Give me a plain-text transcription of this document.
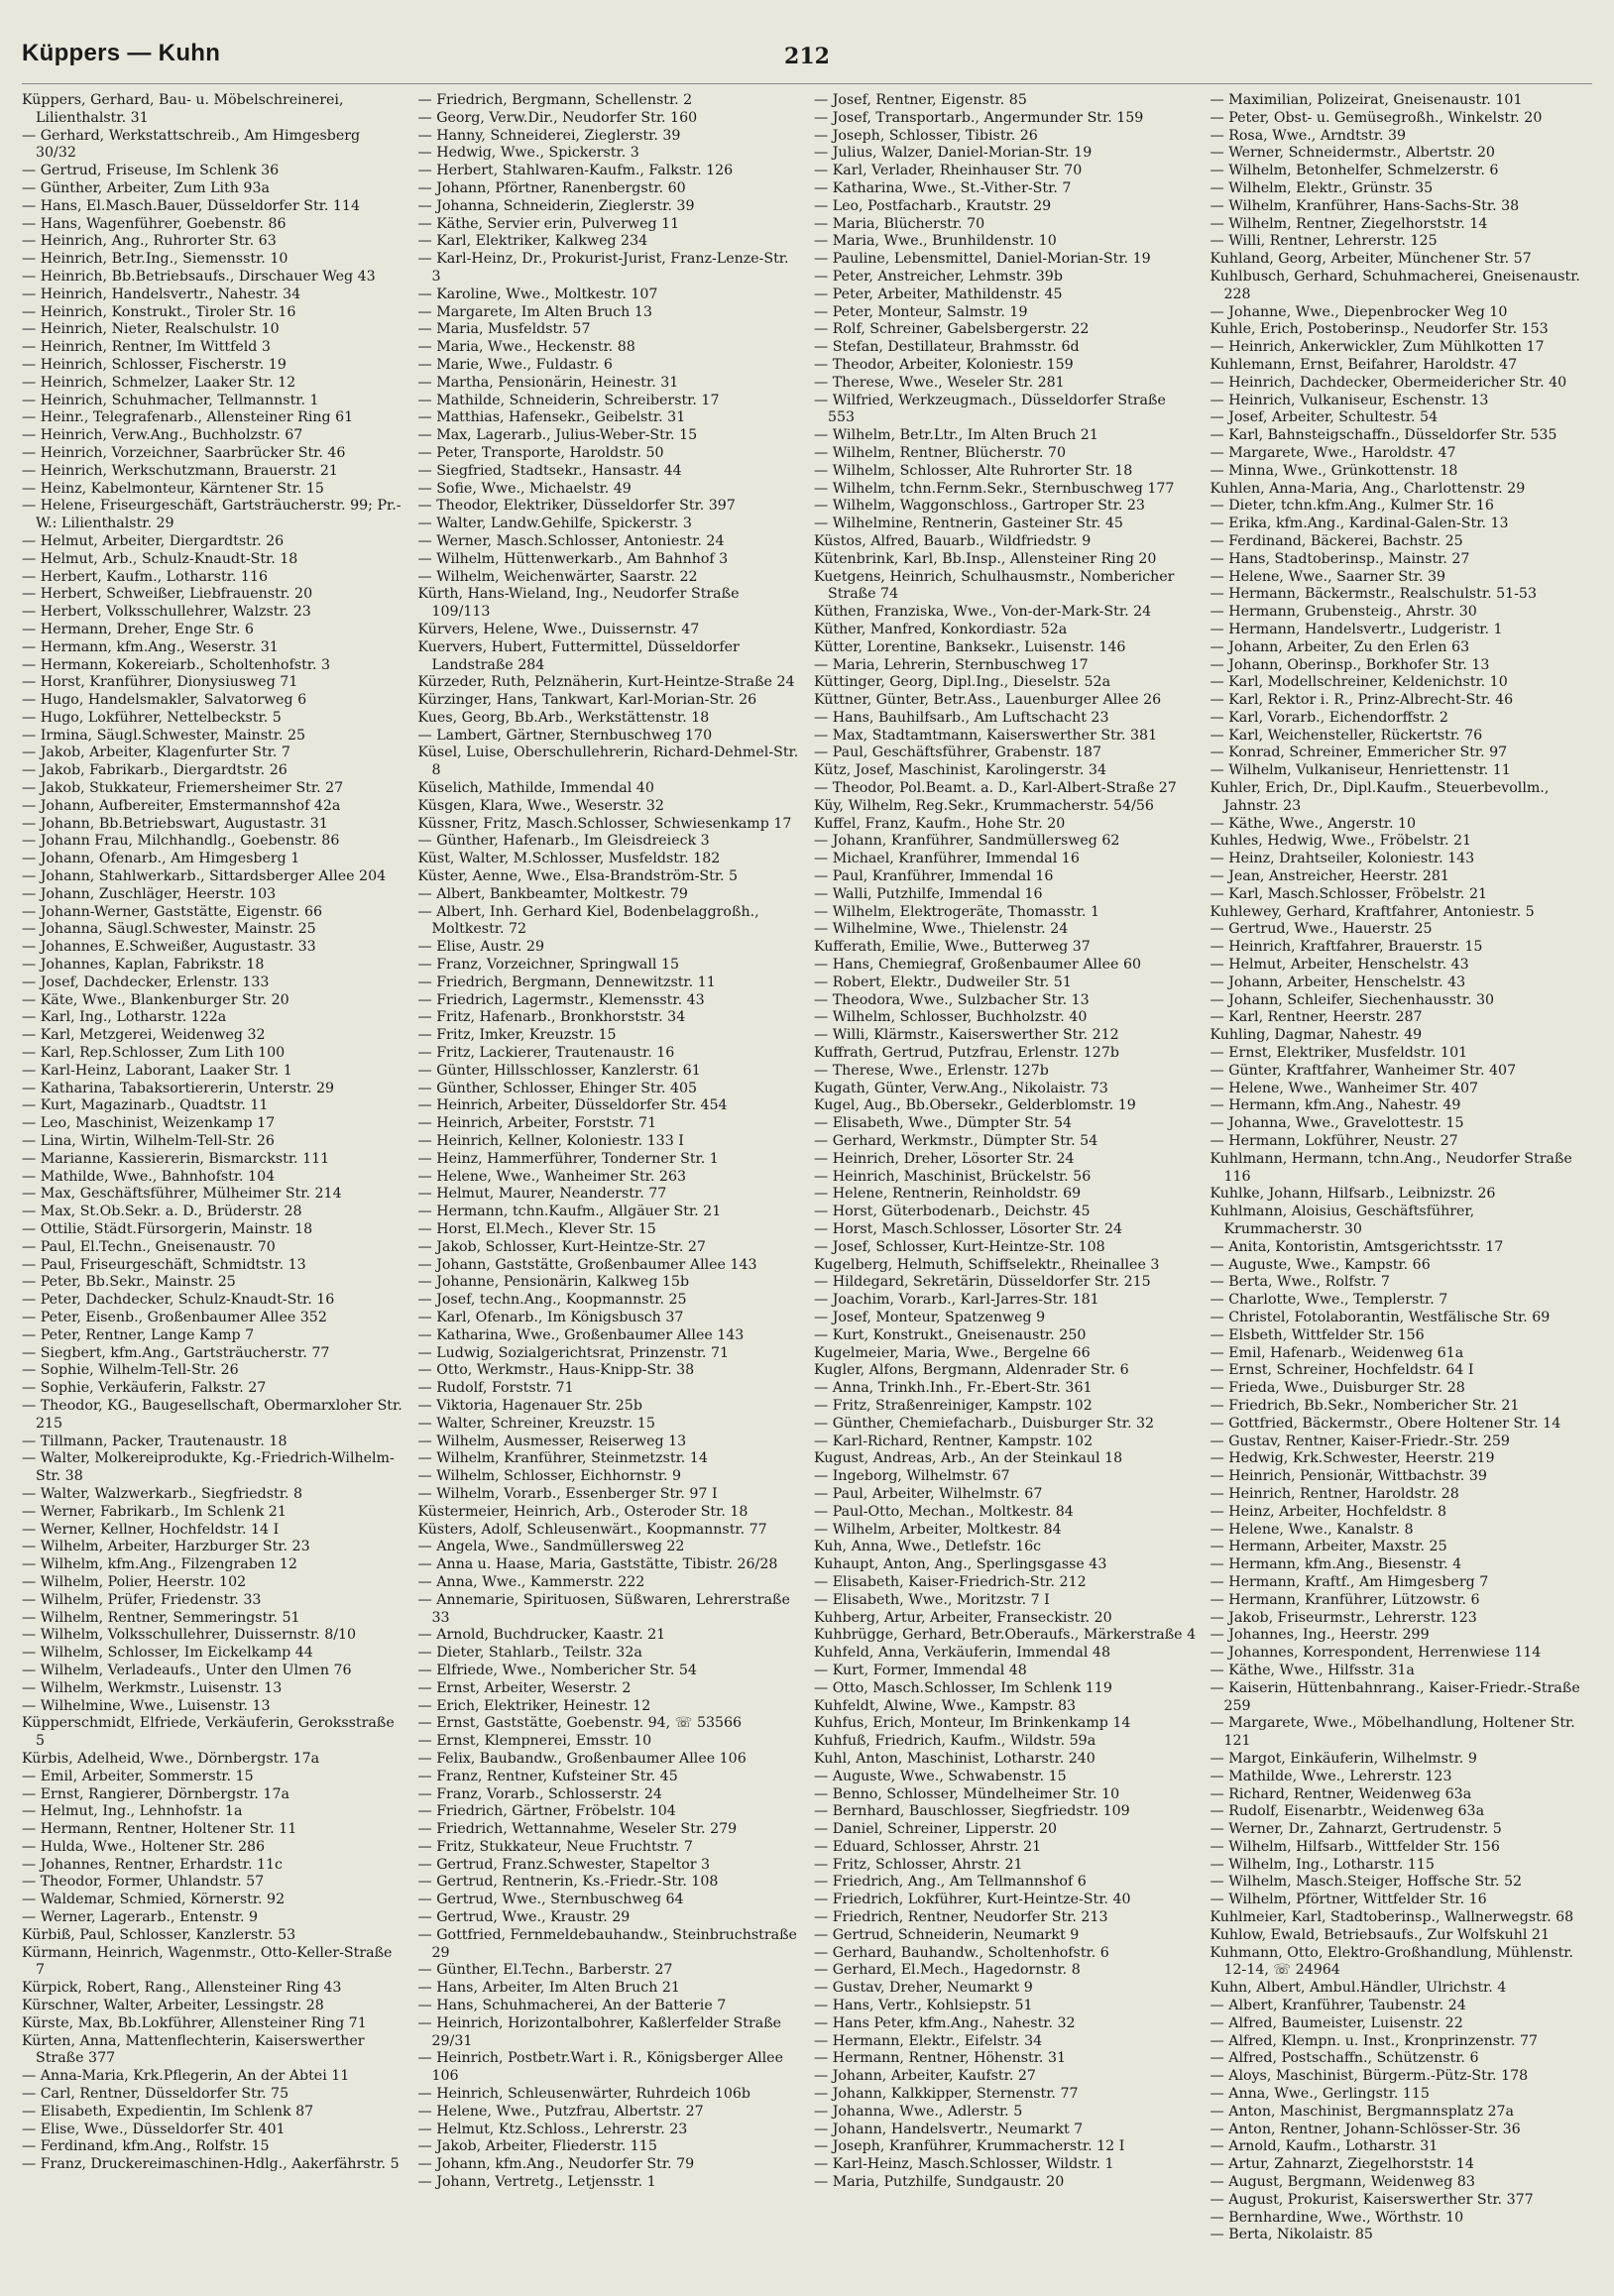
Küppers — Kuhn	212

Küppers, Gerhard, Bau- u. Möbelschreinerei, Lilienthalstr. 31

— Gerhard, Werkstattschreib., Am Himgesberg 30/32

— Gertrud, Friseuse, Im Schlenk 36

— Günther, Arbeiter, Zum Lith 93a

— Hans, El.Masch.Bauer, Düsseldorfer Str. 114

— Hans, Wagenführer, Goebenstr. 86

— Heinrich, Ang., Ruhrorter Str. 63

— Heinrich, Betr.Ing., Siemensstr. 10

— Heinrich, Bb.Betriebsaufs., Dirschauer Weg 43

— Heinrich, Handelsvertr., Nahestr. 34

— Heinrich, Konstrukt., Tiroler Str. 16

— Heinrich, Nieter, Realschulstr. 10

— Heinrich, Rentner, Im Wittfeld 3

— Heinrich, Schlosser, Fischerstr. 19

— Heinrich, Schmelzer, Laaker Str. 12

— Heinrich, Schuhmacher, Tellmannstr. 1

— Heinr., Telegrafenarb., Allensteiner Ring 61

— Heinrich, Verw.Ang., Buchholzstr. 67

— Heinrich, Vorzeichner, Saarbrücker Str. 46

— Heinrich, Werkschutzmann, Brauerstr. 21

— Heinz, Kabelmonteur, Kärntener Str. 15

— Helene, Friseurgeschäft, Gartsträucherstr. 99; Pr.-W.: Lilienthalstr. 29

— Helmut, Arbeiter, Diergardtstr. 26

— Helmut, Arb., Schulz-Knaudt-Str. 18

— Herbert, Kaufm., Lotharstr. 116

— Herbert, Schweißer, Liebfrauenstr. 20

— Herbert, Volksschullehrer, Walzstr. 23

— Hermann, Dreher, Enge Str. 6

— Hermann, kfm.Ang., Weserstr. 31

— Hermann, Kokereiarb., Scholtenhofstr. 3

— Horst, Kranführer, Dionysiusweg 71

— Hugo, Handelsmakler, Salvatorweg 6

— Hugo, Lokführer, Nettelbeckstr. 5

— Irmina, Säugl.Schwester, Mainstr. 25

— Jakob, Arbeiter, Klagenfurter Str. 7

— Jakob, Fabrikarb., Diergardtstr. 26

— Jakob, Stukkateur, Friemersheimer Str. 27

— Johann, Aufbereiter, Emstermannshof 42a

— Johann, Bb.Betriebswart, Augustastr. 31

— Johann Frau, Milchhandlg., Goebenstr. 86

— Johann, Ofenarb., Am Himgesberg 1

— Johann, Stahlwerkarb., Sittardsberger Allee 204

— Johann, Zuschläger, Heerstr. 103

— Johann-Werner, Gaststätte, Eigenstr. 66

— Johanna, Säugl.Schwester, Mainstr. 25

— Johannes, E.Schweißer, Augustastr. 33

— Johannes, Kaplan, Fabrikstr. 18

— Josef, Dachdecker, Erlenstr. 133

— Käte, Wwe., Blankenburger Str. 20

— Karl, Ing., Lotharstr. 122a

— Karl, Metzgerei, Weidenweg 32

— Karl, Rep.Schlosser, Zum Lith 100

— Karl-Heinz, Laborant, Laaker Str. 1

— Katharina, Tabaksortiererin, Unterstr. 29

— Kurt, Magazinarb., Quadtstr. 11

— Leo, Maschinist, Weizenkamp 17

— Lina, Wirtin, Wilhelm-Tell-Str. 26

— Marianne, Kassiererin, Bismarckstr. 111

— Mathilde, Wwe., Bahnhofstr. 104

— Max, Geschäftsführer, Mülheimer Str. 214

— Max, St.Ob.Sekr. a. D., Brüderstr. 28

— Ottilie, Städt.Fürsorgerin, Mainstr. 18

— Paul, El.Techn., Gneisenaustr. 70

— Paul, Friseurgeschäft, Schmidtstr. 13

— Peter, Bb.Sekr., Mainstr. 25

— Peter, Dachdecker, Schulz-Knaudt-Str. 16

— Peter, Eisenb., Großenbaumer Allee 352

— Peter, Rentner, Lange Kamp 7

— Siegbert, kfm.Ang., Gartsträucherstr. 77

— Sophie, Wilhelm-Tell-Str. 26

— Sophie, Verkäuferin, Falkstr. 27

— Theodor, KG., Baugesellschaft, Obermarxloher Str. 215

— Tillmann, Packer, Trautenaustr. 18

— Walter, Molkereiprodukte, Kg.-Friedrich-Wilhelm-Str. 38

— Walter, Walzwerkarb., Siegfriedstr. 8

— Werner, Fabrikarb., Im Schlenk 21

— Werner, Kellner, Hochfeldstr. 14 I

— Wilhelm, Arbeiter, Harzburger Str. 23

— Wilhelm, kfm.Ang., Filzengraben 12

— Wilhelm, Polier, Heerstr. 102

— Wilhelm, Prüfer, Friedenstr. 33

— Wilhelm, Rentner, Semmeringstr. 51

— Wilhelm, Volksschullehrer, Duissernstr. 8/10

— Wilhelm, Schlosser, Im Eickelkamp 44

— Wilhelm, Verladeaufs., Unter den Ulmen 76

— Wilhelm, Werkmstr., Luisenstr. 13

— Wilhelmine, Wwe., Luisenstr. 13

Küpperschmidt, Elfriede, Verkäuferin, Geroksstraße 5

Kürbis, Adelheid, Wwe., Dörnbergstr. 17a

— Emil, Arbeiter, Sommerstr. 15

— Ernst, Rangierer, Dörnbergstr. 17a

— Helmut, Ing., Lehnhofstr. 1a

— Hermann, Rentner, Holtener Str. 11

— Hulda, Wwe., Holtener Str. 286

— Johannes, Rentner, Erhardstr. 11c

— Theodor, Former, Uhlandstr. 57

— Waldemar, Schmied, Körnerstr. 92

— Werner, Lagerarb., Entenstr. 9

Kürbiß, Paul, Schlosser, Kanzlerstr. 53

Kürmann, Heinrich, Wagenmstr., Otto-Keller-Straße 7

Kürpick, Robert, Rang., Allensteiner Ring 43

Kürschner, Walter, Arbeiter, Lessingstr. 28

Kürste, Max, Bb.Lokführer, Allensteiner Ring 71

Kürten, Anna, Mattenflechterin, Kaiserswerther Straße 377

— Anna-Maria, Krk.Pflegerin, An der Abtei 11

— Carl, Rentner, Düsseldorfer Str. 75

— Elisabeth, Expedientin, Im Schlenk 87

— Elise, Wwe., Düsseldorfer Str. 401

— Ferdinand, kfm.Ang., Rolfstr. 15

— Franz, Druckereimaschinen-Hdlg., Aakerfährstr. 5

— Friedrich, Bergmann, Schellenstr. 2

— Georg, Verw.Dir., Neudorfer Str. 160

— Hanny, Schneiderei, Zieglerstr. 39

— Hedwig, Wwe., Spickerstr. 3

— Herbert, Stahlwaren-Kaufm., Falkstr. 126

— Johann, Pförtner, Ranenbergstr. 60

— Johanna, Schneiderin, Zieglerstr. 39

— Käthe, Servier erin, Pulverweg 11

— Karl, Elektriker, Kalkweg 234

— Karl-Heinz, Dr., Prokurist-Jurist, Franz-Lenze-Str. 3

— Karoline, Wwe., Moltkestr. 107

— Margarete, Im Alten Bruch 13

— Maria, Musfeldstr. 57

— Maria, Wwe., Heckenstr. 88

— Marie, Wwe., Fuldastr. 6

— Martha, Pensionärin, Heinestr. 31

— Mathilde, Schneiderin, Schreiberstr. 17

— Matthias, Hafensekr., Geibelstr. 31

— Max, Lagerarb., Julius-Weber-Str. 15

— Peter, Transporte, Haroldstr. 50

— Siegfried, Stadtsekr., Hansastr. 44

— Sofie, Wwe., Michaelstr. 49

— Theodor, Elektriker, Düsseldorfer Str. 397

— Walter, Landw.Gehilfe, Spickerstr. 3

— Werner, Masch.Schlosser, Antoniestr. 24

— Wilhelm, Hüttenwerkarb., Am Bahnhof 3

— Wilhelm, Weichenwärter, Saarstr. 22

Kürth, Hans-Wieland, Ing., Neudorfer Straße 109/113

Kürvers, Helene, Wwe., Duissernstr. 47

Kuervers, Hubert, Futtermittel, Düsseldorfer Landstraße 284

Kürzeder, Ruth, Pelznäherin, Kurt-Heintze-Straße 24

Kürzinger, Hans, Tankwart, Karl-Morian-Str. 26

Kues, Georg, Bb.Arb., Werkstättenstr. 18

— Lambert, Gärtner, Sternbuschweg 170

Küsel, Luise, Oberschullehrerin, Richard-Dehmel-Str. 8

Küselich, Mathilde, Immendal 40

Küsgen, Klara, Wwe., Weserstr. 32

Küssner, Fritz, Masch.Schlosser, Schwiesenkamp 17

— Günther, Hafenarb., Im Gleisdreieck 3

Küst, Walter, M.Schlosser, Musfeldstr. 182

Küster, Aenne, Wwe., Elsa-Brandström-Str. 5

— Albert, Bankbeamter, Moltkestr. 79

— Albert, Inh. Gerhard Kiel, Bodenbelaggroßh., Moltkestr. 72

— Elise, Austr. 29

— Franz, Vorzeichner, Springwall 15

— Friedrich, Bergmann, Dennewitzstr. 11

— Friedrich, Lagermstr., Klemensstr. 43

— Fritz, Hafenarb., Bronkhorststr. 34

— Fritz, Imker, Kreuzstr. 15

— Fritz, Lackierer, Trautenaustr. 16

— Günter, Hillsschlosser, Kanzlerstr. 61

— Günther, Schlosser, Ehinger Str. 405

— Heinrich, Arbeiter, Düsseldorfer Str. 454

— Heinrich, Arbeiter, Forststr. 71

— Heinrich, Kellner, Koloniestr. 133 I

— Heinz, Hammerführer, Tonderner Str. 1

— Helene, Wwe., Wanheimer Str. 263

— Helmut, Maurer, Neanderstr. 77

— Hermann, tchn.Kaufm., Allgäuer Str. 21

— Horst, El.Mech., Klever Str. 15

— Jakob, Schlosser, Kurt-Heintze-Str. 27

— Johann, Gaststätte, Großenbaumer Allee 143

— Johanne, Pensionärin, Kalkweg 15b

— Josef, techn.Ang., Koopmannstr. 25

— Karl, Ofenarb., Im Königsbusch 37

— Katharina, Wwe., Großenbaumer Allee 143

— Ludwig, Sozialgerichtsrat, Prinzenstr. 71

— Otto, Werkmstr., Haus-Knipp-Str. 38

— Rudolf, Forststr. 71

— Viktoria, Hagenauer Str. 25b

— Walter, Schreiner, Kreuzstr. 15

— Wilhelm, Ausmesser, Reiserweg 13

— Wilhelm, Kranführer, Steinmetzstr. 14

— Wilhelm, Schlosser, Eichhornstr. 9

— Wilhelm, Vorarb., Essenberger Str. 97 I

Küstermeier, Heinrich, Arb., Osteroder Str. 18

Küsters, Adolf, Schleusenwärt., Koopmannstr. 77

— Angela, Wwe., Sandmüllersweg 22

— Anna u. Haase, Maria, Gaststätte, Tibistr. 26/28

— Anna, Wwe., Kammerstr. 222

— Annemarie, Spirituosen, Süßwaren, Lehrerstraße 33

— Arnold, Buchdrucker, Kaastr. 21

— Dieter, Stahlarb., Teilstr. 32a

— Elfriede, Wwe., Nombericher Str. 54

— Ernst, Arbeiter, Weserstr. 2

— Erich, Elektriker, Heinestr. 12

— Ernst, Gaststätte, Goebenstr. 94, ☏ 53566

— Ernst, Klempnerei, Emsstr. 10

— Felix, Baubandw., Großenbaumer Allee 106

— Franz, Rentner, Kufsteiner Str. 45

— Franz, Vorarb., Schlosserstr. 24

— Friedrich, Gärtner, Fröbelstr. 104

— Friedrich, Wettannahme, Weseler Str. 279

— Fritz, Stukkateur, Neue Fruchtstr. 7

— Gertrud, Franz.Schwester, Stapeltor 3

— Gertrud, Rentnerin, Ks.-Friedr.-Str. 108

— Gertrud, Wwe., Sternbuschweg 64

— Gertrud, Wwe., Kraustr. 29

— Gottfried, Fernmeldebauhandw., Steinbruchstraße 29

— Günther, El.Techn., Barberstr. 27

— Hans, Arbeiter, Im Alten Bruch 21

— Hans, Schuhmacherei, An der Batterie 7

— Heinrich, Horizontalbohrer, Kaßlerfelder Straße 29/31

— Heinrich, Postbetr.Wart i. R., Königsberger Allee 106

— Heinrich, Schleusenwärter, Ruhrdeich 106b

— Helene, Wwe., Putzfrau, Albertstr. 27

— Helmut, Ktz.Schloss., Lehrerstr. 23

— Jakob, Arbeiter, Fliederstr. 115

— Johann, kfm.Ang., Neudorfer Str. 79

— Johann, Vertretg., Letjensstr. 1

— Josef, Rentner, Eigenstr. 85

— Josef, Transportarb., Angermunder Str. 159

— Joseph, Schlosser, Tibistr. 26

— Julius, Walzer, Daniel-Morian-Str. 19

— Karl, Verlader, Rheinhauser Str. 70

— Katharina, Wwe., St.-Vither-Str. 7

— Leo, Postfacharb., Krautstr. 29

— Maria, Blücherstr. 70

— Maria, Wwe., Brunhildenstr. 10

— Pauline, Lebensmittel, Daniel-Morian-Str. 19

— Peter, Anstreicher, Lehmstr. 39b

— Peter, Arbeiter, Mathildenstr. 45

— Peter, Monteur, Salmstr. 19

— Rolf, Schreiner, Gabelsbergerstr. 22

— Stefan, Destillateur, Brahmsstr. 6d

— Theodor, Arbeiter, Koloniestr. 159

— Therese, Wwe., Weseler Str. 281

— Wilfried, Werkzeugmach., Düsseldorfer Straße 553

— Wilhelm, Betr.Ltr., Im Alten Bruch 21

— Wilhelm, Rentner, Blücherstr. 70

— Wilhelm, Schlosser, Alte Ruhrorter Str. 18

— Wilhelm, tchn.Fernm.Sekr., Sternbuschweg 177

— Wilhelm, Waggonschloss., Gartroper Str. 23

— Wilhelmine, Rentnerin, Gasteiner Str. 45

Küstos, Alfred, Bauarb., Wildfriedstr. 9

Kütenbrink, Karl, Bb.Insp., Allensteiner Ring 20

Kuetgens, Heinrich, Schulhausmstr., Nombericher Straße 74

Küthen, Franziska, Wwe., Von-der-Mark-Str. 24

Küther, Manfred, Konkordiastr. 52a

Kütter, Lorentine, Banksekr., Luisenstr. 146

— Maria, Lehrerin, Sternbuschweg 17

Küttinger, Georg, Dipl.Ing., Dieselstr. 52a

Küttner, Günter, Betr.Ass., Lauenburger Allee 26

— Hans, Bauhilfsarb., Am Luftschacht 23

— Max, Stadtamtmann, Kaiserswerther Str. 381

— Paul, Geschäftsführer, Grabenstr. 187

Kütz, Josef, Maschinist, Karolingerstr. 34

— Theodor, Pol.Beamt. a. D., Karl-Albert-Straße 27

Küy, Wilhelm, Reg.Sekr., Krummacherstr. 54/56

Kuffel, Franz, Kaufm., Hohe Str. 20

— Johann, Kranführer, Sandmüllersweg 62

— Michael, Kranführer, Immendal 16

— Paul, Kranführer, Immendal 16

— Walli, Putzhilfe, Immendal 16

— Wilhelm, Elektrogeräte, Thomasstr. 1

— Wilhelmine, Wwe., Thielenstr. 24

Kufferath, Emilie, Wwe., Butterweg 37

— Hans, Chemiegraf, Großenbaumer Allee 60

— Robert, Elektr., Dudweiler Str. 51

— Theodora, Wwe., Sulzbacher Str. 13

— Wilhelm, Schlosser, Buchholzstr. 40

— Willi, Klärmstr., Kaiserswerther Str. 212

Kuffrath, Gertrud, Putzfrau, Erlenstr. 127b

— Therese, Wwe., Erlenstr. 127b

Kugath, Günter, Verw.Ang., Nikolaistr. 73

Kugel, Aug., Bb.Obersekr., Gelderblomstr. 19

— Elisabeth, Wwe., Dümpter Str. 54

— Gerhard, Werkmstr., Dümpter Str. 54

— Heinrich, Dreher, Lösorter Str. 24

— Heinrich, Maschinist, Brückelstr. 56

— Helene, Rentnerin, Reinholdstr. 69

— Horst, Güterbodenarb., Deichstr. 45

— Horst, Masch.Schlosser, Lösorter Str. 24

— Josef, Schlosser, Kurt-Heintze-Str. 108

Kugelberg, Helmuth, Schiffselektr., Rheinallee 3

— Hildegard, Sekretärin, Düsseldorfer Str. 215

— Joachim, Vorarb., Karl-Jarres-Str. 181

— Josef, Monteur, Spatzenweg 9

— Kurt, Konstrukt., Gneisenaustr. 250

Kugelmeier, Maria, Wwe., Bergelne 66

Kugler, Alfons, Bergmann, Aldenrader Str. 6

— Anna, Trinkh.Inh., Fr.-Ebert-Str. 361

— Fritz, Straßenreiniger, Kampstr. 102

— Günther, Chemiefacharb., Duisburger Str. 32

— Karl-Richard, Rentner, Kampstr. 102

Kugust, Andreas, Arb., An der Steinkaul 18

— Ingeborg, Wilhelmstr. 67

— Paul, Arbeiter, Wilhelmstr. 67

— Paul-Otto, Mechan., Moltkestr. 84

— Wilhelm, Arbeiter, Moltkestr. 84

Kuh, Anna, Wwe., Detlefstr. 16c

Kuhaupt, Anton, Ang., Sperlingsgasse 43

— Elisabeth, Kaiser-Friedrich-Str. 212

— Elisabeth, Wwe., Moritzstr. 7 I

Kuhberg, Artur, Arbeiter, Franseckistr. 20

Kuhbrügge, Gerhard, Betr.Oberaufs., Märkerstraße 4

Kuhfeld, Anna, Verkäuferin, Immendal 48

— Kurt, Former, Immendal 48

— Otto, Masch.Schlosser, Im Schlenk 119

Kuhfeldt, Alwine, Wwe., Kampstr. 83

Kuhfus, Erich, Monteur, Im Brinkenkamp 14

Kuhfuß, Friedrich, Kaufm., Wildstr. 59a

Kuhl, Anton, Maschinist, Lotharstr. 240

— Auguste, Wwe., Schwabenstr. 15

— Benno, Schlosser, Mündelheimer Str. 10

— Bernhard, Bauschlosser, Siegfriedstr. 109

— Daniel, Schreiner, Lipperstr. 20

— Eduard, Schlosser, Ahrstr. 21

— Fritz, Schlosser, Ahrstr. 21

— Friedrich, Ang., Am Tellmannshof 6

— Friedrich, Lokführer, Kurt-Heintze-Str. 40

— Friedrich, Rentner, Neudorfer Str. 213

— Gertrud, Schneiderin, Neumarkt 9

— Gerhard, Bauhandw., Scholtenhofstr. 6

— Gerhard, El.Mech., Hagedornstr. 8

— Gustav, Dreher, Neumarkt 9

— Hans, Vertr., Kohlsiepstr. 51

— Hans Peter, kfm.Ang., Nahestr. 32

— Hermann, Elektr., Eifelstr. 34

— Hermann, Rentner, Höhenstr. 31

— Johann, Arbeiter, Kaufstr. 27

— Johann, Kalkkipper, Sternenstr. 77

— Johanna, Wwe., Adlerstr. 5

— Johann, Handelsvertr., Neumarkt 7

— Joseph, Kranführer, Krummacherstr. 12 I

— Karl-Heinz, Masch.Schlosser, Wildstr. 1

— Maria, Putzhilfe, Sundgaustr. 20

— Maximilian, Polizeirat, Gneisenaustr. 101

— Peter, Obst- u. Gemüsegroßh., Winkelstr. 20

— Rosa, Wwe., Arndtstr. 39

— Werner, Schneidermstr., Albertstr. 20

— Wilhelm, Betonhelfer, Schmelzerstr. 6

— Wilhelm, Elektr., Grünstr. 35

— Wilhelm, Kranführer, Hans-Sachs-Str. 38

— Wilhelm, Rentner, Ziegelhorststr. 14

— Willi, Rentner, Lehrerstr. 125

Kuhland, Georg, Arbeiter, Münchener Str. 57

Kuhlbusch, Gerhard, Schuhmacherei, Gneisenaustr. 228

— Johanne, Wwe., Diepenbrocker Weg 10

Kuhle, Erich, Postoberinsp., Neudorfer Str. 153

— Heinrich, Ankerwickler, Zum Mühlkotten 17

Kuhlemann, Ernst, Beifahrer, Haroldstr. 47

— Heinrich, Dachdecker, Obermeidericher Str. 40

— Heinrich, Vulkaniseur, Eschenstr. 13

— Josef, Arbeiter, Schultestr. 54

— Karl, Bahnsteigschaffn., Düsseldorfer Str. 535

— Margarete, Wwe., Haroldstr. 47

— Minna, Wwe., Grünkottenstr. 18

Kuhlen, Anna-Maria, Ang., Charlottenstr. 29

— Dieter, tchn.kfm.Ang., Kulmer Str. 16

— Erika, kfm.Ang., Kardinal-Galen-Str. 13

— Ferdinand, Bäckerei, Bachstr. 25

— Hans, Stadtoberinsp., Mainstr. 27

— Helene, Wwe., Saarner Str. 39

— Hermann, Bäckermstr., Realschulstr. 51-53

— Hermann, Grubensteig., Ahrstr. 30

— Hermann, Handelsvertr., Ludgeristr. 1

— Johann, Arbeiter, Zu den Erlen 63

— Johann, Oberinsp., Borkhofer Str. 13

— Karl, Modellschreiner, Keldenichstr. 10

— Karl, Rektor i. R., Prinz-Albrecht-Str. 46

— Karl, Vorarb., Eichendorffstr. 2

— Karl, Weichensteller, Rückertstr. 76

— Konrad, Schreiner, Emmericher Str. 97

— Wilhelm, Vulkaniseur, Henriettenstr. 11

Kuhler, Erich, Dr., Dipl.Kaufm., Steuerbevollm., Jahnstr. 23

— Käthe, Wwe., Angerstr. 10

Kuhles, Hedwig, Wwe., Fröbelstr. 21

— Heinz, Drahtseiler, Koloniestr. 143

— Jean, Anstreicher, Heerstr. 281

— Karl, Masch.Schlosser, Fröbelstr. 21

Kuhlewey, Gerhard, Kraftfahrer, Antoniestr. 5

— Gertrud, Wwe., Hauerstr. 25

— Heinrich, Kraftfahrer, Brauerstr. 15

— Helmut, Arbeiter, Henschelstr. 43

— Johann, Arbeiter, Henschelstr. 43

— Johann, Schleifer, Siechenhausstr. 30

— Karl, Rentner, Heerstr. 287

Kuhling, Dagmar, Nahestr. 49

— Ernst, Elektriker, Musfeldstr. 101

— Günter, Kraftfahrer, Wanheimer Str. 407

— Helene, Wwe., Wanheimer Str. 407

— Hermann, kfm.Ang., Nahestr. 49

— Johanna, Wwe., Gravelottestr. 15

— Hermann, Lokführer, Neustr. 27

Kuhlmann, Hermann, tchn.Ang., Neudorfer Straße 116

Kuhlke, Johann, Hilfsarb., Leibnizstr. 26

Kuhlmann, Aloisius, Geschäftsführer, Krummacherstr. 30

— Anita, Kontoristin, Amtsgerichtsstr. 17

— Auguste, Wwe., Kampstr. 66

— Berta, Wwe., Rolfstr. 7

— Charlotte, Wwe., Templerstr. 7

— Christel, Fotolaborantin, Westfälische Str. 69

— Elsbeth, Wittfelder Str. 156

— Emil, Hafenarb., Weidenweg 61a

— Ernst, Schreiner, Hochfeldstr. 64 I

— Frieda, Wwe., Duisburger Str. 28

— Friedrich, Bb.Sekr., Nombericher Str. 21

— Gottfried, Bäckermstr., Obere Holtener Str. 14

— Gustav, Rentner, Kaiser-Friedr.-Str. 259

— Hedwig, Krk.Schwester, Heerstr. 219

— Heinrich, Pensionär, Wittbachstr. 39

— Heinrich, Rentner, Haroldstr. 28

— Heinz, Arbeiter, Hochfeldstr. 8

— Helene, Wwe., Kanalstr. 8

— Hermann, Arbeiter, Maxstr. 25

— Hermann, kfm.Ang., Biesenstr. 4

— Hermann, Kraftf., Am Himgesberg 7

— Hermann, Kranführer, Lützowstr. 6

— Jakob, Friseurmstr., Lehrerstr. 123

— Johannes, Ing., Heerstr. 299

— Johannes, Korrespondent, Herrenwiese 114

— Käthe, Wwe., Hilfsstr. 31a

— Kaiserin, Hüttenbahnrang., Kaiser-Friedr.-Straße 259

— Margarete, Wwe., Möbelhandlung, Holtener Str. 121

— Margot, Einkäuferin, Wilhelmstr. 9

— Mathilde, Wwe., Lehrerstr. 123

— Richard, Rentner, Weidenweg 63a

— Rudolf, Eisenarbtr., Weidenweg 63a

— Werner, Dr., Zahnarzt, Gertrudenstr. 5

— Wilhelm, Hilfsarb., Wittfelder Str. 156

— Wilhelm, Ing., Lotharstr. 115

— Wilhelm, Masch.Steiger, Hoffsche Str. 52

— Wilhelm, Pförtner, Wittfelder Str. 16

Kuhlmeier, Karl, Stadtoberinsp., Wallnerwegstr. 68

Kuhlow, Ewald, Betriebsaufs., Zur Wolfskuhl 21

Kuhmann, Otto, Elektro-Großhandlung, Mühlenstr. 12-14, ☏ 24964

Kuhn, Albert, Ambul.Händler, Ulrichstr. 4

— Albert, Kranführer, Taubenstr. 24

— Alfred, Baumeister, Luisenstr. 22

— Alfred, Klempn. u. Inst., Kronprinzenstr. 77

— Alfred, Postschaffn., Schützenstr. 6

— Aloys, Maschinist, Bürgerm.-Pütz-Str. 178

— Anna, Wwe., Gerlingstr. 115

— Anton, Maschinist, Bergmannsplatz 27a

— Anton, Rentner, Johann-Schlösser-Str. 36

— Arnold, Kaufm., Lotharstr. 31

— Artur, Zahnarzt, Ziegelhorststr. 14

— August, Bergmann, Weidenweg 83

— August, Prokurist, Kaiserswerther Str. 377

— Bernhardine, Wwe., Wörthstr. 10

— Berta, Nikolaistr. 85
